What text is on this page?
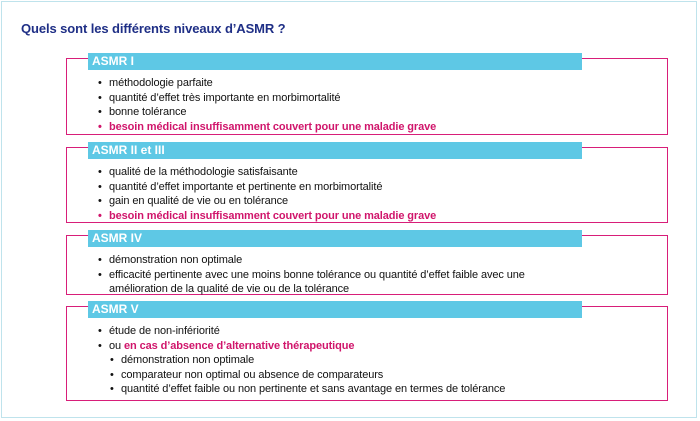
Quels sont les différents niveaux d’ASMR ?
ASMR I
• méthodologie parfaite
• quantité d’effet très importante en morbimortalité
• bonne tolérance
• besoin médical insuffisamment couvert pour une maladie grave
ASMR II et III
• qualité de la méthodologie satisfaisante
• quantité d’effet importante et pertinente en morbimortalité
• gain en qualité de vie ou en tolérance
• besoin médical insuffisamment couvert pour une maladie grave
ASMR IV
• démonstration non optimale
• efficacité pertinente avec une moins bonne tolérance ou quantité d’effet faible avec une
amélioration de la qualité de vie ou de la tolérance
ASMR V
• étude de non-infériorité
• ou en cas d’absence d’alternative thérapeutique
• démonstration non optimale
• comparateur non optimal ou absence de comparateurs
• quantité d’effet faible ou non pertinente et sans avantage en termes de tolérance
